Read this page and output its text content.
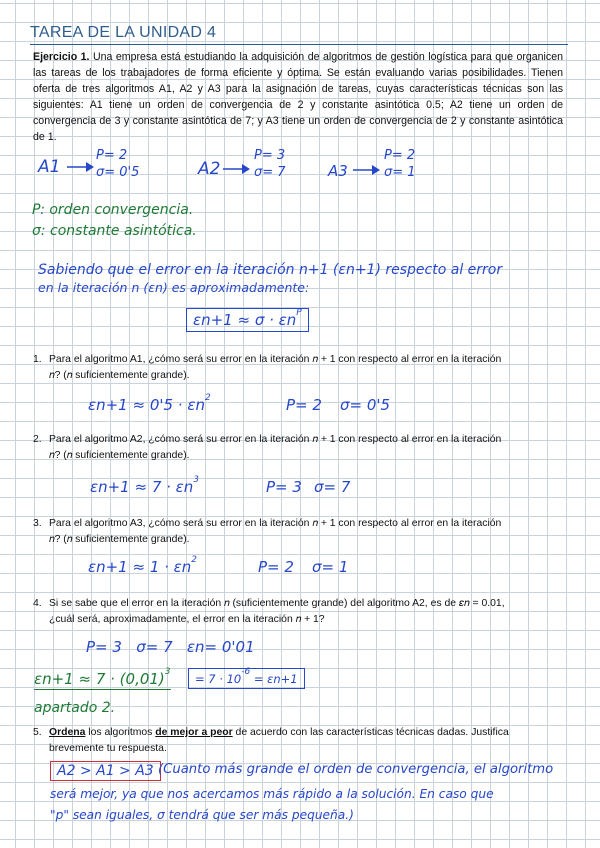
TAREA DE LA UNIDAD 4
Ejercicio 1. Una empresa está estudiando la adquisición de algoritmos de gestión logística para que organicen las tareas de los trabajadores de forma eficiente y óptima. Se están evaluando varias posibilidades. Tienen oferta de tres algoritmos A1, A2 y A3 para la asignación de tareas, cuyas características técnicas son las siguientes: A1 tiene un orden de convergencia de 2 y constante asintótica 0.5; A2 tiene un orden de convergencia de 3 y constante asintótica de 7; y A3 tiene un orden de convergencia de 2 y constante asintótica de 1.
A1
P= 2
σ= 0'5	A2
P= 3
σ= 7	A3
P= 2
σ= 1
P: orden convergencia.
σ: constante asintótica.
Sabiendo que el error en la iteración n+1 (εn+1) respecto al error
en la iteración n (εn) es aproximadamente:
$\varepsilon n+1 \approx \sigma \cdot \varepsilon n^P$
1. Para el algoritmo A1, ¿cómo será su error en la iteración 𝑛 + 1 con respecto al error en la iteración
𝑛? (𝑛 suficientemente grande).
$\varepsilon n+1 \approx 0'5 \cdot \varepsilon n^2$	P= 2 σ= 0'5
2. Para el algoritmo A2, ¿cómo será su error en la iteración 𝑛 + 1 con respecto al error en la iteración
𝑛? (𝑛 suficientemente grande).
$\varepsilon n+1 \approx 7 \cdot \varepsilon n^3$	P= 3 σ= 7
3. Para el algoritmo A3, ¿cómo será su error en la iteración 𝑛 + 1 con respecto al error en la iteración
𝑛? (𝑛 suficientemente grande).
$\varepsilon n+1 \approx 1 \cdot \varepsilon n^2$	P= 2 σ= 1
4. Si se sabe que el error en la iteración 𝑛 (suficientemente grande) del algoritmo A2, es de 𝜀𝑛 = 0.01,
¿cuál será, aproximadamente, el error en la iteración 𝑛 + 1?
P= 3   σ= 7   εn= 0'01
$\varepsilon n+1 \approx 7 \cdot (0,01)^3$	= $7 \cdot 10^{-6} = \varepsilon n+1$
apartado 2.
5. Ordena los algoritmos de mejor a peor de acuerdo con las características técnicas dadas. Justifica
brevemente tu respuesta.
A2 > A1 > A3 (Cuanto más grande el orden de convergencia, el algoritmo
será mejor, ya que nos acercamos más rápido a la solución. En caso que
"p" sean iguales, σ tendrá que ser más pequeña.)
